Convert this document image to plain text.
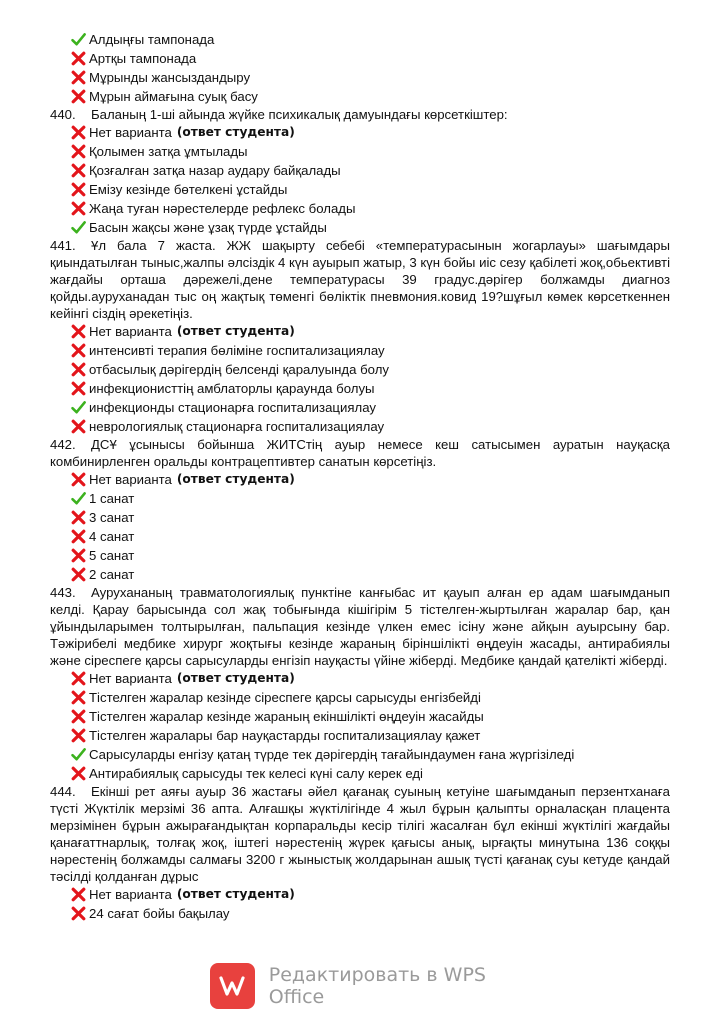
Алдыңғы тампонада
Артқы тампонада
Мұрынды жансыздандыру
Мұрын аймағына суық басу

440. Баланың 1-ші айында жүйке психикалық дамуындағы көрсеткіштер:

Нет варианта (ответ студента)
Қолымен затқа ұмтылады
Қозғалған затқа назар аудару байқалады
Емізу кезінде бөтелкені ұстайды
Жаңа туған нәрестелерде рефлекс болады
Басын жақсы және ұзақ түрде ұстайды

441. Ұл бала 7 жаста. ЖЖ шақырту себебі «температурасынын жогарлауы» шағымдары қиындатылған тыныс,жалпы әлсіздік 4 күн ауырып жатыр, 3 күн бойы иіс сезу қабілеті жоқ,обьективті жағдайы орташа дәрежелі,дене температурасы 39 градус.дәрігер болжамды диагноз қойды.ауруханадан тыс оң жақтық төменгі бөліктік пневмония.ковид 19?шұғыл көмек көрсеткеннен кейінгі сіздің әрекетіңіз.

Нет варианта (ответ студента)
интенсивті терапия бөліміне госпитализациялау
отбасылық дәрігердің белсенді қаралуында болу
инфекционисттің амблаторлы қараунда болуы
инфекционды стационарға госпитализациялау
неврологиялық стационарға госпитализациялау

442. ДСҰ ұсынысы бойынша ЖИТСтің ауыр немесе кеш сатысымен ауратын науқасқа комбинирленген оральды контрацептивтер санатын көрсетіңіз.

Нет варианта (ответ студента)
1 санат
3 санат
4 санат
5 санат
2 санат

443. Аурухананың травматологиялық пунктіне канғыбас ит қауып алған ер адам шағымданып келді. Қарау барысында сол жақ тобығында кішігірім 5 тістелген-жыртылған жаралар бар, қан ұйындыларымен толтырылған, пальпация кезінде үлкен емес ісіну және айқын ауырсыну бар. Тәжірибелі медбике хирург жоқтығы кезінде жараның біріншілікті өңдеуін жасады, антирабиялы және сіреспеге қарсы сарысуларды енгізіп науқасты үйіне жіберді. Медбике қандай қателікті жіберді.

Нет варианта (ответ студента)
Тістелген жаралар кезінде сіреспеге қарсы сарысуды енгізбейді
Тістелген жаралар кезінде жараның екіншілікті өңдеуін жасайды
Тістелген жаралары бар науқастарды госпитализациялау қажет
Сарысуларды енгізу қатаң түрде тек дәрігердің тағайындаумен ғана жүргізіледі
Антирабиялық сарысуды тек келесі күні салу керек еді

444. Екінші рет аяғы ауыр 36 жастағы әйел қағанақ суының кетуіне шағымданып перзентханаға түсті Жүктілік мерзімі 36 апта. Алғашқы жүктілігінде 4 жыл бұрын қалыпты орналасқан плацента мерзімінен бұрын ажырағандықтан корпаральды кесір тілігі жасалған бұл екінші жүктілігі жағдайы қанағаттнарлық, толғақ жоқ, іштегі нәрестенің жүрек қағысы анық, ырғақты минутына 136 соққы нәрестенің болжамды салмағы 3200 г жыныстық жолдарынан ашық түсті қағанақ суы кетуде қандай тәсілді қолданған дұрыс

Нет варианта (ответ студента)
24 сағат бойы бақылау
Редактировать в WPS Office
